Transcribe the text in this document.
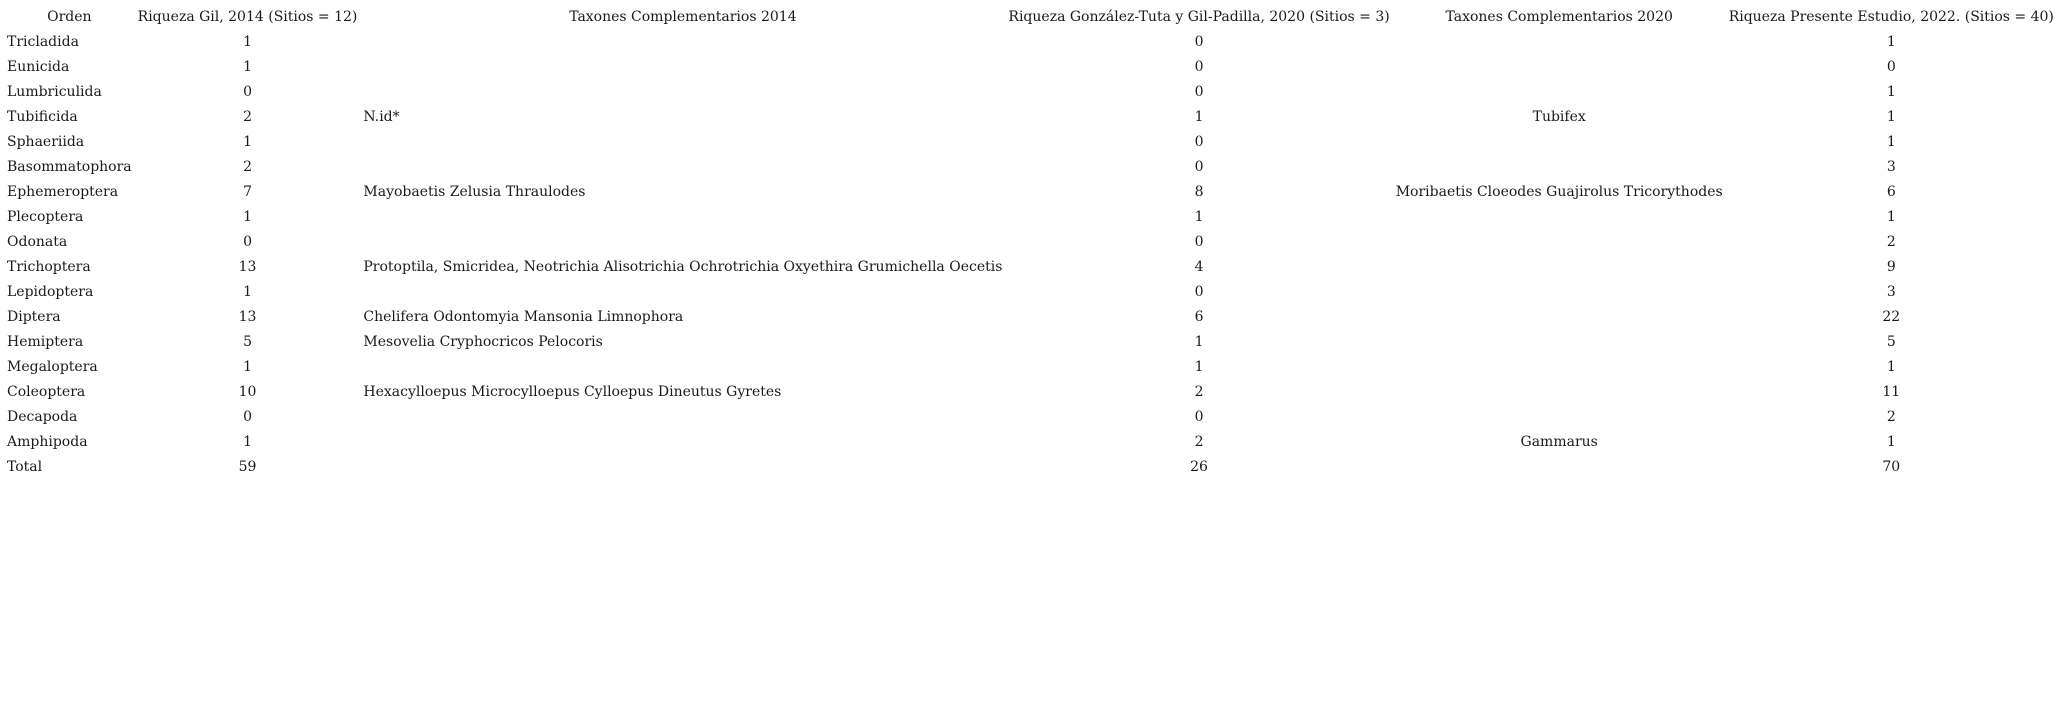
Orden	Riqueza Gil, 2014 (Sitios = 12)	Taxones Complementarios 2014	Riqueza González-Tuta y Gil-Padilla, 2020 (Sitios = 3)	Taxones Complementarios 2020	Riqueza Presente Estudio, 2022. (Sitios = 40)
Tricladida	1		0		1
Eunicida	1		0		0
Lumbriculida	0		0		1
Tubificida	2	N.id*	1	Tubifex	1
Sphaeriida	1		0		1
Basommatophora	2		0		3
Ephemeroptera	7	Mayobaetis Zelusia Thraulodes	8	Moribaetis Cloeodes Guajirolus Tricorythodes	6
Plecoptera	1		1		1
Odonata	0		0		2
Trichoptera	13	Protoptila, Smicridea, Neotrichia Alisotrichia Ochrotrichia Oxyethira Grumichella Oecetis	4		9
Lepidoptera	1		0		3
Diptera	13	Chelifera Odontomyia Mansonia Limnophora	6		22
Hemiptera	5	Mesovelia Cryphocricos Pelocoris	1		5
Megaloptera	1		1		1
Coleoptera	10	Hexacylloepus Microcylloepus Cylloepus Dineutus Gyretes	2		11
Decapoda	0		0		2
Amphipoda	1		2	Gammarus	1
Total	59		26		70
